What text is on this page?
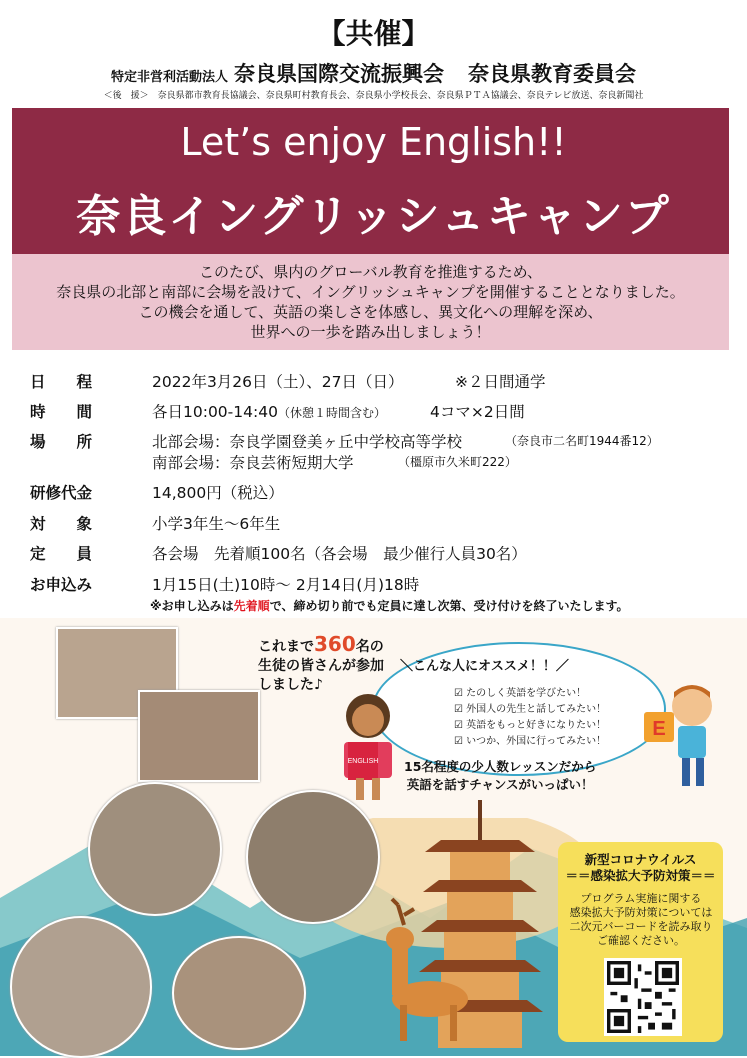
【共催】
特定非営利活動法人 奈良県国際交流振興会 奈良県教育委員会
＜後　援＞　奈良県都市教育長協議会、奈良県町村教育長会、奈良県小学校長会、奈良県ＰＴＡ協議会、奈良テレビ放送、奈良新聞社
Let’s enjoy English!!
奈良イングリッシュキャンプ
このたび、県内のグローバル教育を推進するため、
奈良県の北部と南部に会場を設けて、イングリッシュキャンプを開催することとなりました。
この機会を通して、英語の楽しさを体感し、異文化への理解を深め、
世界への一歩を踏み出しましょう！
日　　程	2022年3月26日（土）、27日（日）	※２日間通学
時　　間	各日10:00-14:40（休憩１時間含む）	4コマ×2日間
場　　所	北部会場：奈良学園登美ヶ丘中学校高等学校	（奈良市二名町1944番12）
南部会場：奈良芸術短期大学	（橿原市久米町222）
研修代金	14,800円（税込）
対　　象	小学3年生〜6年生
定　　員	各会場　先着順100名（各会場　最少催行人員30名）
お申込み	1月15日(土)10時〜 2月14日(月)18時
※お申し込みは先着順で、締め切り前でも定員に達し次第、受け付けを終了いたします。
これまで360名の
生徒の皆さんが参加
しました♪
＼こんな人にオススメ！！／
☑ たのしく英語を学びたい！
☑ 外国人の先生と話してみたい！
☑ 英語をもっと好きになりたい！
☑ いつか、外国に行ってみたい！
ENGLISH
E
15名程度の少人数レッスンだから
英語を話すチャンスがいっぱい！
新型コロナウイルス
＝＝感染拡大予防対策＝＝
プログラム実施に関する
感染拡大予防対策については
二次元バーコードを読み取り
ご確認ください。
